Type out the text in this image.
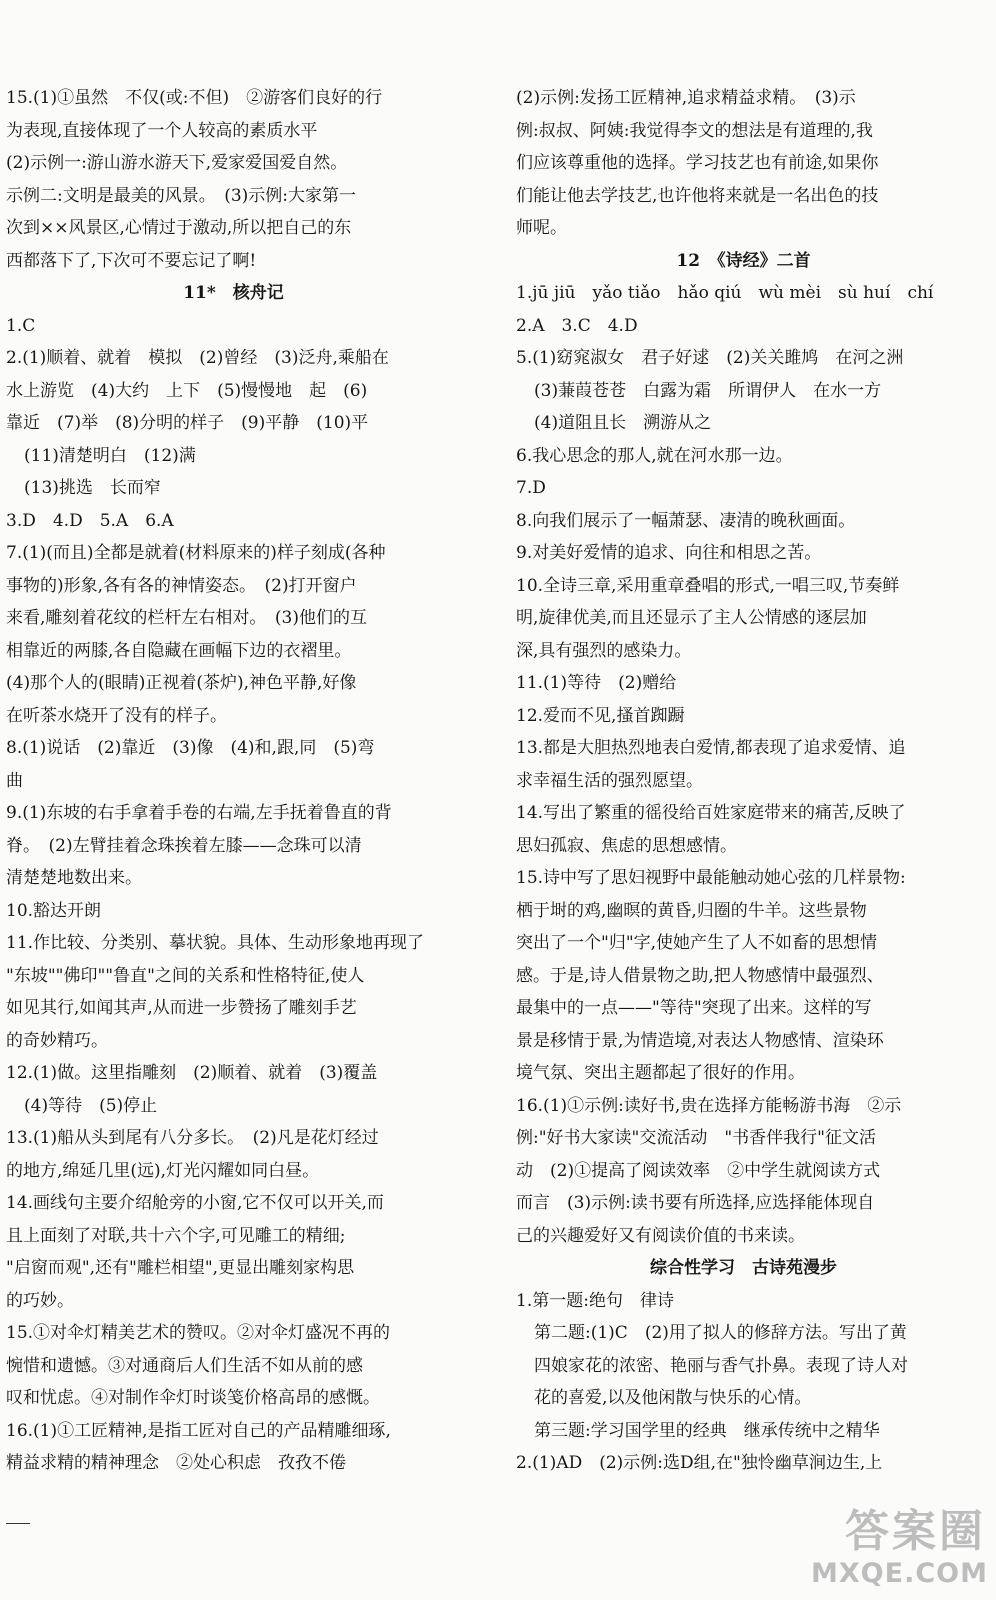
15.(1)①虽然　不仅(或:不但)　②游客们良好的行
为表现,直接体现了一个人较高的素质水平
(2)示例一:游山游水游天下,爱家爱国爱自然。
示例二:文明是最美的风景。　(3)示例:大家第一
次到××风景区,心情过于激动,所以把自己的东
西都落下了,下次可不要忘记了啊!
11*　核舟记
1.C
2.(1)顺着、就着　模拟　(2)曾经　(3)泛舟,乘船在
水上游览　(4)大约　上下　(5)慢慢地　起　(6)
靠近　(7)举　(8)分明的样子　(9)平静　(10)平
(11)清楚明白　(12)满
(13)挑选　长而窄
3.D　4.D　5.A　6.A
7.(1)(而且)全都是就着(材料原来的)样子刻成(各种
事物的)形象,各有各的神情姿态。　(2)打开窗户
来看,雕刻着花纹的栏杆左右相对。　(3)他们的互
相靠近的两膝,各自隐藏在画幅下边的衣褶里。
(4)那个人的(眼睛)正视着(茶炉),神色平静,好像
在听茶水烧开了没有的样子。
8.(1)说话　(2)靠近　(3)像　(4)和,跟,同　(5)弯
曲
9.(1)东坡的右手拿着手卷的右端,左手抚着鲁直的背
脊。　(2)左臂挂着念珠挨着左膝——念珠可以清
清楚楚地数出来。
10.豁达开朗
11.作比较、分类别、摹状貌。具体、生动形象地再现了
"东坡""佛印""鲁直"之间的关系和性格特征,使人
如见其行,如闻其声,从而进一步赞扬了雕刻手艺
的奇妙精巧。
12.(1)做。这里指雕刻　(2)顺着、就着　(3)覆盖
(4)等待　(5)停止
13.(1)船从头到尾有八分多长。　(2)凡是花灯经过
的地方,绵延几里(远),灯光闪耀如同白昼。
14.画线句主要介绍舱旁的小窗,它不仅可以开关,而
且上面刻了对联,共十六个字,可见雕工的精细;
"启窗而观",还有"雕栏相望",更显出雕刻家构思
的巧妙。
15.①对伞灯精美艺术的赞叹。②对伞灯盛况不再的
惋惜和遗憾。③对通商后人们生活不如从前的感
叹和忧虑。④对制作伞灯时谈笺价格高昂的感慨。
16.(1)①工匠精神,是指工匠对自己的产品精雕细琢,
精益求精的精神理念　②处心积虑　孜孜不倦
(2)示例:发扬工匠精神,追求精益求精。　(3)示
例:叔叔、阿姨:我觉得李文的想法是有道理的,我
们应该尊重他的选择。学习技艺也有前途,如果你
们能让他去学技艺,也许他将来就是一名出色的技
师呢。
12　《诗经》二首
1.jū jiū　yǎo tiǎo　hǎo qiú　wù mèi　sù huí　chí
2.A　3.C　4.D
5.(1)窈窕淑女　君子好逑　(2)关关雎鸠　在河之洲
(3)蒹葭苍苍　白露为霜　所谓伊人　在水一方
(4)道阻且长　溯游从之
6.我心思念的那人,就在河水那一边。
7.D
8.向我们展示了一幅萧瑟、凄清的晚秋画面。
9.对美好爱情的追求、向往和相思之苦。
10.全诗三章,采用重章叠唱的形式,一唱三叹,节奏鲜
明,旋律优美,而且还显示了主人公情感的逐层加
深,具有强烈的感染力。
11.(1)等待　(2)赠给
12.爱而不见,搔首踟蹰
13.都是大胆热烈地表白爱情,都表现了追求爱情、追
求幸福生活的强烈愿望。
14.写出了繁重的徭役给百姓家庭带来的痛苦,反映了
思妇孤寂、焦虑的思想感情。
15.诗中写了思妇视野中最能触动她心弦的几样景物:
栖于埘的鸡,幽暝的黄昏,归圈的牛羊。这些景物
突出了一个"归"字,使她产生了人不如畜的思想情
感。于是,诗人借景物之助,把人物感情中最强烈、
最集中的一点——"等待"突现了出来。这样的写
景是移情于景,为情造境,对表达人物感情、渲染环
境气氛、突出主题都起了很好的作用。
16.(1)①示例:读好书,贵在选择方能畅游书海　②示
例:"好书大家读"交流活动　"书香伴我行"征文活
动　(2)①提高了阅读效率　②中学生就阅读方式
而言　(3)示例:读书要有所选择,应选择能体现自
己的兴趣爱好又有阅读价值的书来读。
综合性学习　古诗苑漫步
1.第一题:绝句　律诗
第二题:(1)C　(2)用了拟人的修辞方法。写出了黄
四娘家花的浓密、艳丽与香气扑鼻。表现了诗人对
花的喜爱,以及他闲散与快乐的心情。
第三题:学习国学里的经典　继承传统中之精华
2.(1)AD　(2)示例:选D组,在"独怜幽草涧边生,上
答案圈
MXQE.COM
